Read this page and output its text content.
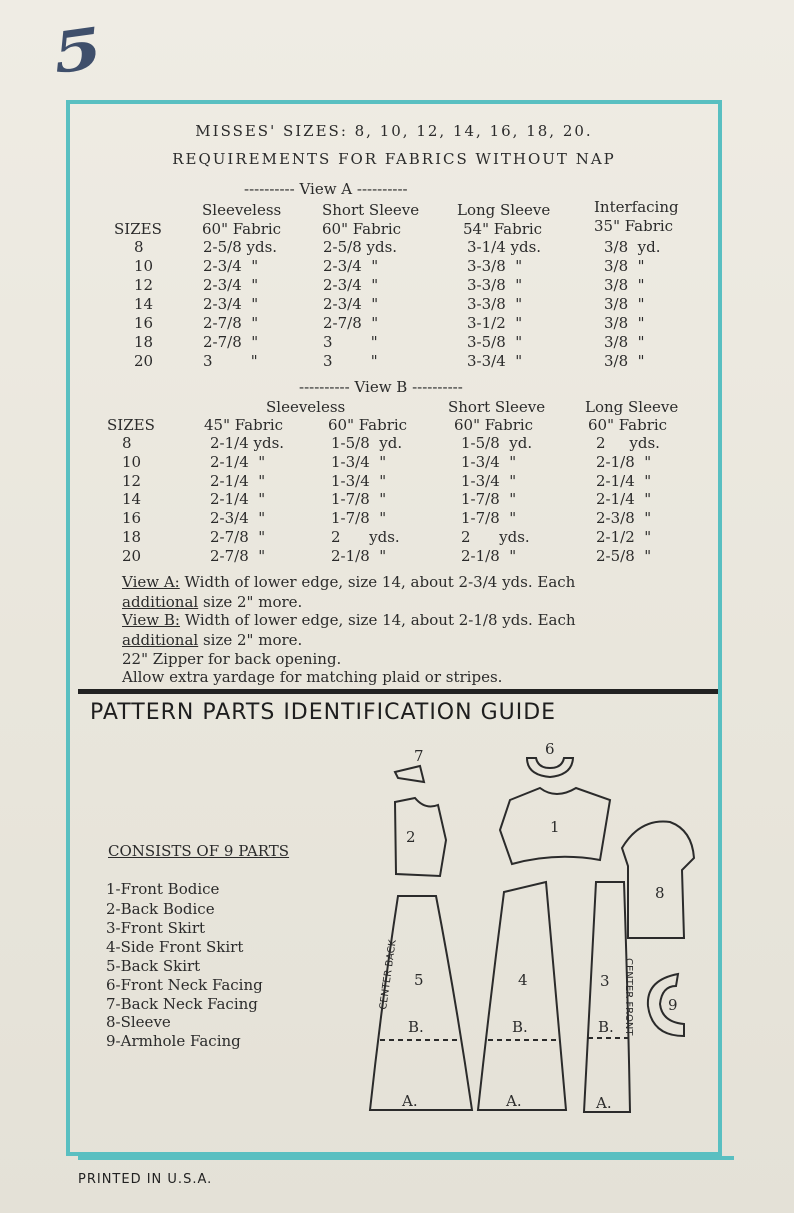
5
MISSES' SIZES: 8, 10, 12, 14, 16, 18, 20.
REQUIREMENTS FOR FABRICS WITHOUT NAP
---------- View A ----------
Sleeveless	Short Sleeve	Long Sleeve	Interfacing
SIZES	60" Fabric	60" Fabric	54" Fabric	35" Fabric
8	2-5/8 yds.	2-5/8 yds.	3-1/4 yds.	3/8  yd.
10	2-3/4  "	2-3/4  "	3-3/8  "	3/8  "
12	2-3/4  "	2-3/4  "	3-3/8  "	3/8  "
14	2-3/4  "	2-3/4  "	3-3/8  "	3/8  "
16	2-7/8  "	2-7/8  "	3-1/2  "	3/8  "
18	2-7/8  "	3        "	3-5/8  "	3/8  "
20	3        "	3        "	3-3/4  "	3/8  "
---------- View B ----------
Sleeveless	Short Sleeve	Long Sleeve
SIZES	45" Fabric	60" Fabric	60" Fabric	60" Fabric
8	2-1/4 yds.	1-5/8  yd.	1-5/8  yd.	2     yds.
10	2-1/4  "	1-3/4  "	1-3/4  "	2-1/8  "
12	2-1/4  "	1-3/4  "	1-3/4  "	2-1/4  "
14	2-1/4  "	1-7/8  "	1-7/8  "	2-1/4  "
16	2-3/4  "	1-7/8  "	1-7/8  "	2-3/8  "
18	2-7/8  "	2      yds.	2      yds.	2-1/2  "
20	2-7/8  "	2-1/8  "	2-1/8  "	2-5/8  "
View A: Width of lower edge, size 14, about 2-3/4 yds. Each
additional size 2" more.
View B: Width of lower edge, size 14, about 2-1/8 yds. Each
additional size 2" more.
22" Zipper for back opening.
Allow extra yardage for matching plaid or stripes.
PATTERN PARTS IDENTIFICATION GUIDE
CONSISTS OF 9 PARTS
1-Front Bodice
2-Back Bodice
3-Front Skirt
4-Side Front Skirt
5-Back Skirt
6-Front Neck Facing
7-Back Neck Facing
8-Sleeve
9-Armhole Facing
7	6
2
1
8
9
5
B.
A.
CENTER BACK	4
B.
A.
3
B.
A.
CENTER FRONT
PRINTED IN U.S.A.
